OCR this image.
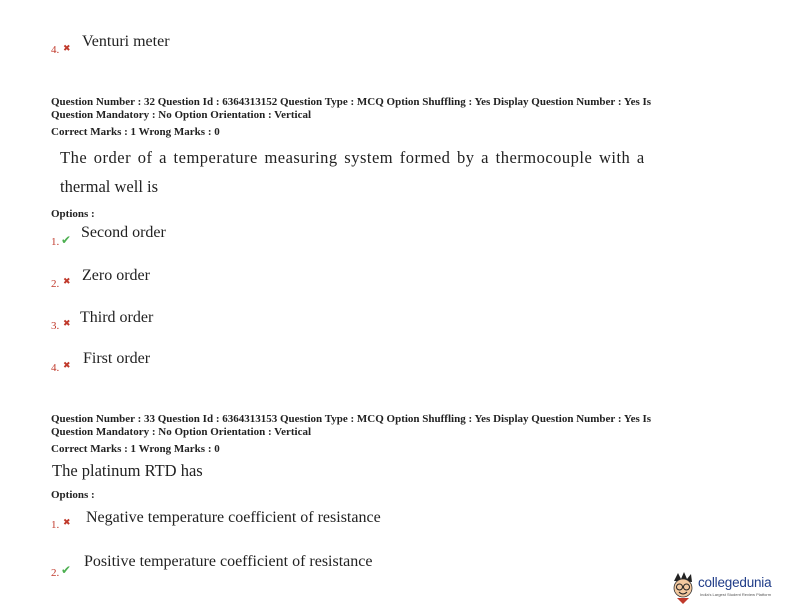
4. ✖ Venturi meter
Question Number : 32 Question Id : 6364313152 Question Type : MCQ Option Shuffling : Yes Display Question Number : Yes Is
Question Mandatory : No Option Orientation : Vertical
Correct Marks : 1 Wrong Marks : 0
The order of a temperature measuring system formed by a thermocouple with a
thermal well is
Options :
1. ✔ Second order
2. ✖ Zero order
3. ✖ Third order
4. ✖ First order
Question Number : 33 Question Id : 6364313153 Question Type : MCQ Option Shuffling : Yes Display Question Number : Yes Is
Question Mandatory : No Option Orientation : Vertical
Correct Marks : 1 Wrong Marks : 0
The platinum RTD has
Options :
1. ✖ Negative temperature coefficient of resistance
2. ✔ Positive temperature coefficient of resistance
collegedunia
India's Largest Student Review Platform
